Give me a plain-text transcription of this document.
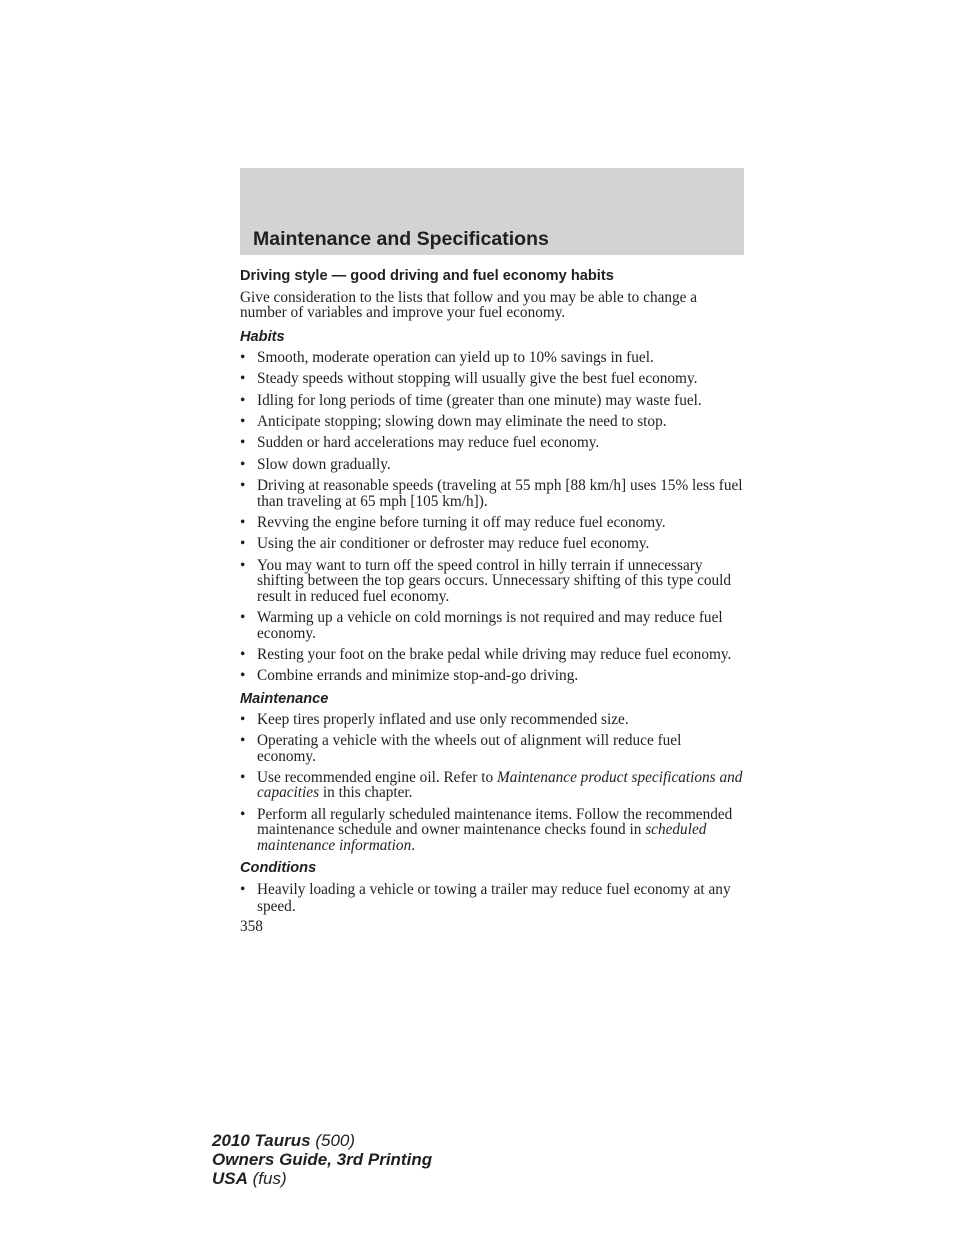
Maintenance and Specifications
Driving style — good driving and fuel economy habits

Give consideration to the lists that follow and you may be able to change a number of variables and improve your fuel economy.

Habits
• Smooth, moderate operation can yield up to 10% savings in fuel.
• Steady speeds without stopping will usually give the best fuel economy.
• Idling for long periods of time (greater than one minute) may waste fuel.
• Anticipate stopping; slowing down may eliminate the need to stop.
• Sudden or hard accelerations may reduce fuel economy.
• Slow down gradually.
• Driving at reasonable speeds (traveling at 55 mph [88 km/h] uses 15% less fuel than traveling at 65 mph [105 km/h]).
• Revving the engine before turning it off may reduce fuel economy.
• Using the air conditioner or defroster may reduce fuel economy.
• You may want to turn off the speed control in hilly terrain if unnecessary shifting between the top gears occurs. Unnecessary shifting of this type could result in reduced fuel economy.
• Warming up a vehicle on cold mornings is not required and may reduce fuel economy.
• Resting your foot on the brake pedal while driving may reduce fuel economy.
• Combine errands and minimize stop-and-go driving.
Maintenance
• Keep tires properly inflated and use only recommended size.
• Operating a vehicle with the wheels out of alignment will reduce fuel economy.
• Use recommended engine oil. Refer to Maintenance product specifications and capacities in this chapter.
• Perform all regularly scheduled maintenance items. Follow the recommended maintenance schedule and owner maintenance checks found in scheduled maintenance information.
Conditions
• Heavily loading a vehicle or towing a trailer may reduce fuel economy at any speed.
358
2010 Taurus (500)
Owners Guide, 3rd Printing
USA (fus)
